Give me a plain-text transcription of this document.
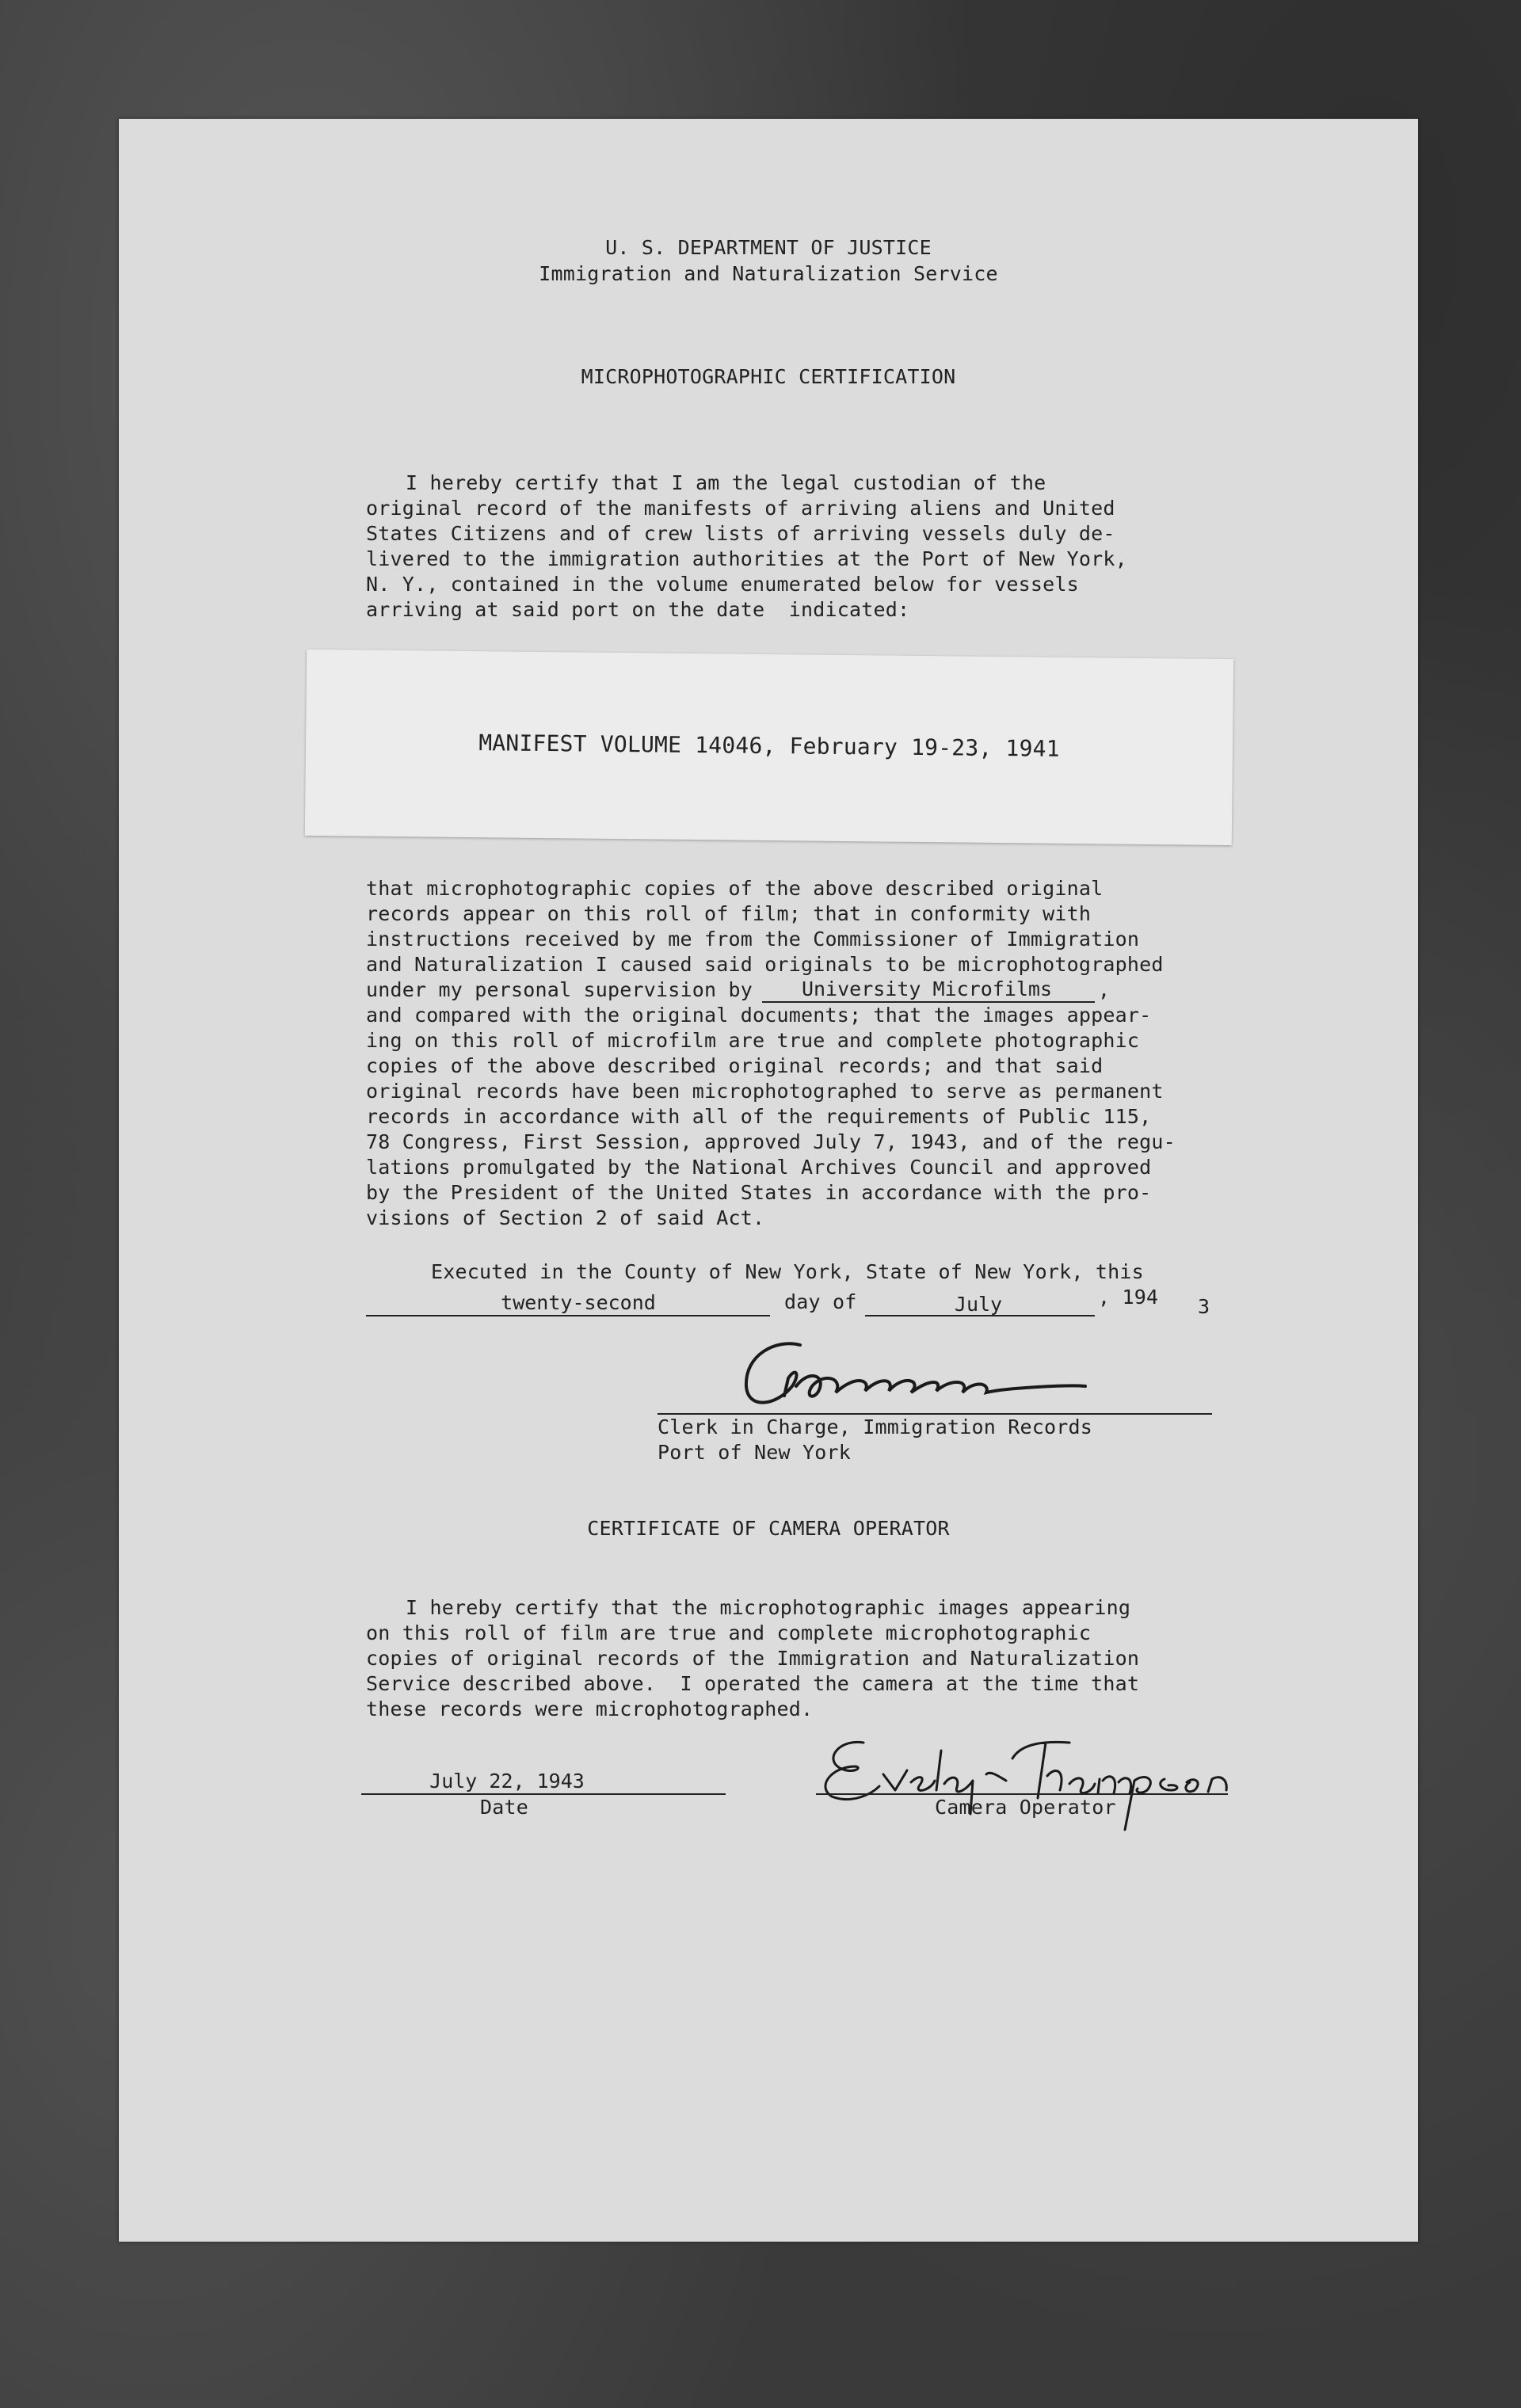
U. S. DEPARTMENT OF JUSTICE

Immigration and Naturalization Service

MICROPHOTOGRAPHIC CERTIFICATION

I hereby certify that I am the legal custodian of the

original record of the manifests of arriving aliens and United

States Citizens and of crew lists of arriving vessels duly de-

livered to the immigration authorities at the Port of New York,

N. Y., contained in the volume enumerated below for vessels

arriving at said port on the date  indicated:

MANIFEST VOLUME 14046, February 19-23, 1941

that microphotographic copies of the above described original

records appear on this roll of film; that in conformity with

instructions received by me from the Commissioner of Immigration

and Naturalization I caused said originals to be microphotographed

under my personal supervision by	University Microfilms	,

and compared with the original documents; that the images appear-

ing on this roll of microfilm are true and complete photographic

copies of the above described original records; and that said

original records have been microphotographed to serve as permanent

records in accordance with all of the requirements of Public 115,

78 Congress, First Session, approved July 7, 1943, and of the regu-

lations promulgated by the National Archives Council and approved

by the President of the United States in accordance with the pro-

visions of Section 2 of said Act.

Executed in the County of New York, State of New York, this

twenty-second	day of	July	, 194 3

Clerk in Charge, Immigration Records

Port of New York

CERTIFICATE OF CAMERA OPERATOR

I hereby certify that the microphotographic images appearing

on this roll of film are true and complete microphotographic

copies of original records of the Immigration and Naturalization

Service described above.  I operated the camera at the time that

these records were microphotographed.

July 22, 1943

Date	Camera Operator
